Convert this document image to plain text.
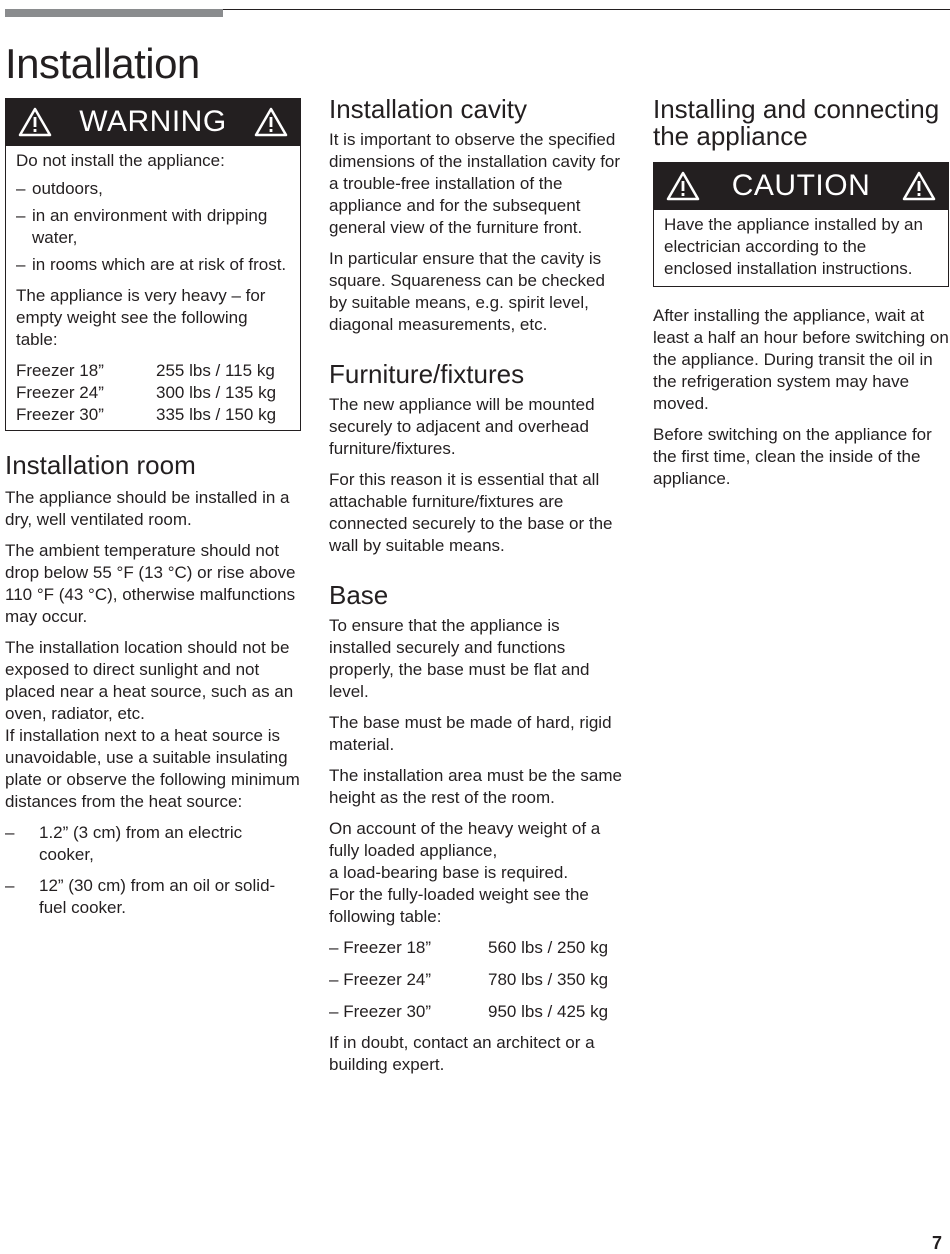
Installation
WARNING

Do not install the appliance:

– outdoors,
– in an environment with dripping water,
– in rooms which are at risk of frost.

The appliance is very heavy – for empty weight see the following table:

Freezer 18”	255 lbs / 115 kg
Freezer 24”	300 lbs / 135 kg
Freezer 30”	335 lbs / 150 kg
Installation room

The appliance should be installed in a dry, well ventilated room.

The ambient temperature should not drop below 55 °F (13 °C) or rise above 110 °F (43 °C), otherwise malfunctions may occur.

The installation location should not be exposed to direct sunlight and not placed near a heat source, such as an oven, radiator, etc.

If installation next to a heat source is unavoidable, use a suitable insulating plate or observe the following minimum distances from the heat source:

–	1.2” (3 cm) from an electric cooker,
–	12” (30 cm) from an oil or solid-fuel cooker.
Installation cavity

It is important to observe the specified dimensions of the installation cavity for a trouble-free installation of the appliance and for the subsequent general view of the furniture front.

In particular ensure that the cavity is square. Squareness can be checked by suitable means, e.g. spirit level, diagonal measurements, etc.

Furniture/fixtures

The new appliance will be mounted securely to adjacent and overhead furniture/fixtures.

For this reason it is essential that all attachable furniture/fixtures are connected securely to the base or the wall by suitable means.

Base

To ensure that the appliance is installed securely and functions properly, the base must be flat and level.

The base must be made of hard, rigid material.

The installation area must be the same height as the rest of the room.

On account of the heavy weight of a fully loaded appliance,

a load-bearing base is required.

For the fully-loaded weight see the following table:

– Freezer 18”	560 lbs / 250 kg
– Freezer 24”	780 lbs / 350 kg
– Freezer 30”	950 lbs / 425 kg

If in doubt, contact an architect or a building expert.

Installing and connecting the appliance
CAUTION

Have the appliance installed by an electrician according to the enclosed installation instructions.

After installing the appliance, wait at least a half an hour before switching on the appliance. During transit the oil in the refrigeration system may have moved.

Before switching on the appliance for the first time, clean the inside of the appliance.

7
